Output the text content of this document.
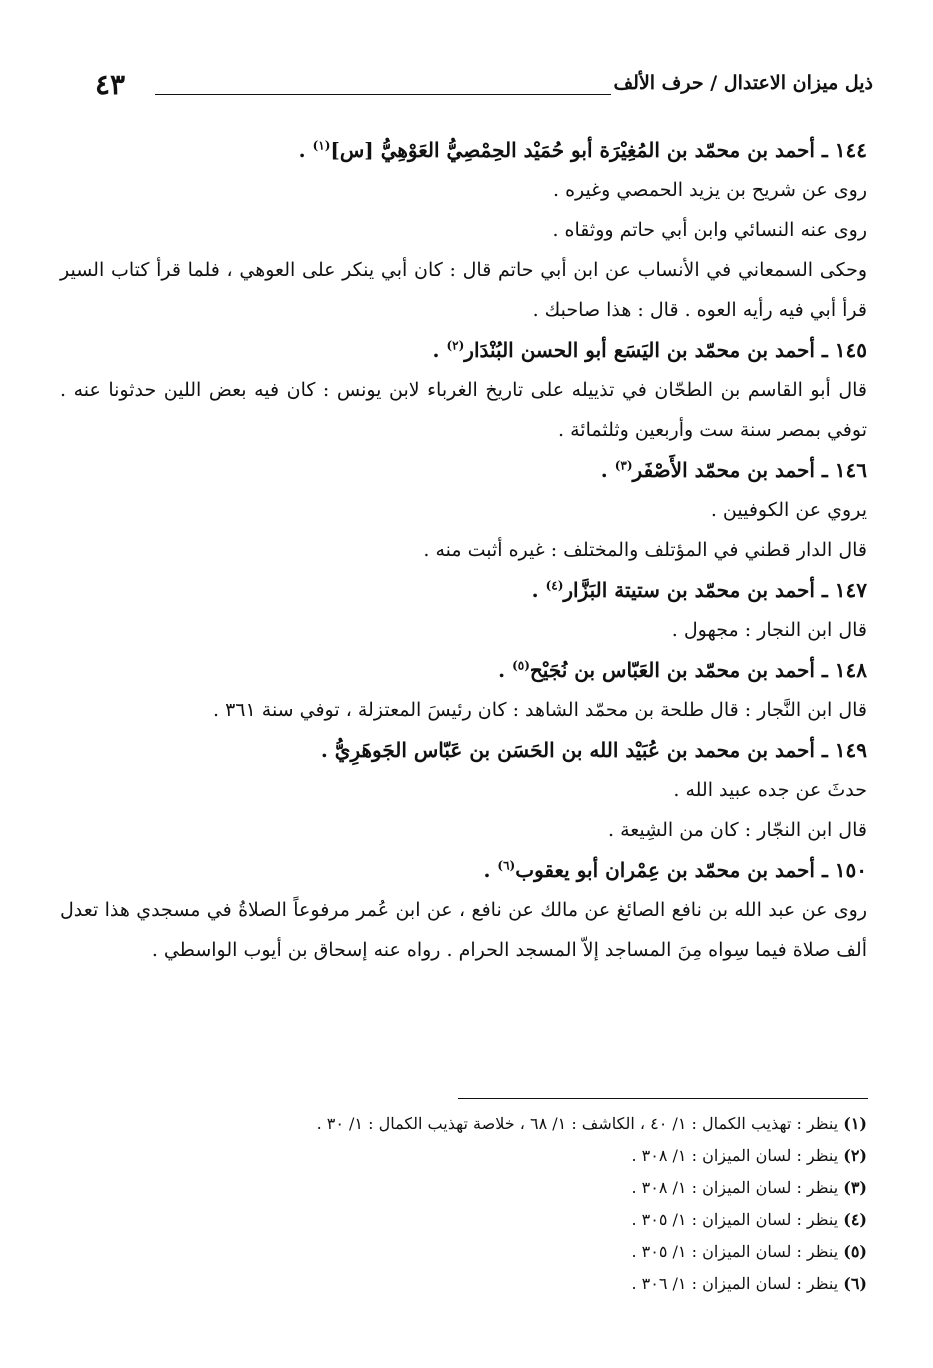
ذيل ميزان الاعتدال / حرف الألف
٤٣

١٤٤ ـ أحمد بن محمّد بن المُغِيْرَة أبو حُمَيْد الحِمْصِيُّ العَوْهِيُّ [س]$^{(١)}$ .

روى عن شريح بن يزيد الحمصي وغيره .

روى عنه النسائي وابن أبي حاتم ووثقاه .

وحكى السمعاني في الأنساب عن ابن أبي حاتم قال : كان أبي ينكر على العوهي ، فلما قرأ كتاب السير قرأ أبي فيه رأيه العوه . قال : هذا صاحبك .

١٤٥ ـ أحمد بن محمّد بن اليَسَع أبو الحسن البُنْدَار$^{(٢)}$ .

قال أبو القاسم بن الطحّان في تذييله على تاريخ الغرباء لابن يونس : كان فيه بعض اللين حدثونا عنه . توفي بمصر سنة ست وأربعين وثلثمائة .

١٤٦ ـ أحمد بن محمّد الأَصْفَر$^{(٣)}$ .

يروي عن الكوفيين .

قال الدار قطني في المؤتلف والمختلف : غيره أثبت منه .

١٤٧ ـ أحمد بن محمّد بن ستيتة البَزَّار$^{(٤)}$ .

قال ابن النجار : مجهول .

١٤٨ ـ أحمد بن محمّد بن العَبّاس بن نُجَيْح$^{(٥)}$ .

قال ابن النَّجار : قال طلحة بن محمّد الشاهد : كان رئيسَ المعتزلة ، توفي سنة ٣٦١ .

١٤٩ ـ أحمد بن محمد بن عُبَيْد الله بن الحَسَن بن عَبّاس الجَوهَرِيُّ .

حدثَ عن جده عبيد الله .

قال ابن النجّار : كان من الشِيعة .

١٥٠ ـ أحمد بن محمّد بن عِمْران أبو يعقوب$^{(٦)}$ .

روى عن عبد الله بن نافع الصائغ عن مالك عن نافع ، عن ابن عُمر مرفوعاً الصلاةُ في مسجدي هذا تعدل ألف صلاة فيما سِواه مِنَ المساجد إلاّ المسجد الحرام . رواه عنه إسحاق بن أيوب الواسطي .

(١) ينظر : تهذيب الكمال : ١/ ٤٠ ، الكاشف : ١/ ٦٨ ، خلاصة تهذيب الكمال : ١/ ٣٠ .

(٢) ينظر : لسان الميزان : ١/ ٣٠٨ .

(٣) ينظر : لسان الميزان : ١/ ٣٠٨ .

(٤) ينظر : لسان الميزان : ١/ ٣٠٥ .

(٥) ينظر : لسان الميزان : ١/ ٣٠٥ .

(٦) ينظر : لسان الميزان : ١/ ٣٠٦ .
